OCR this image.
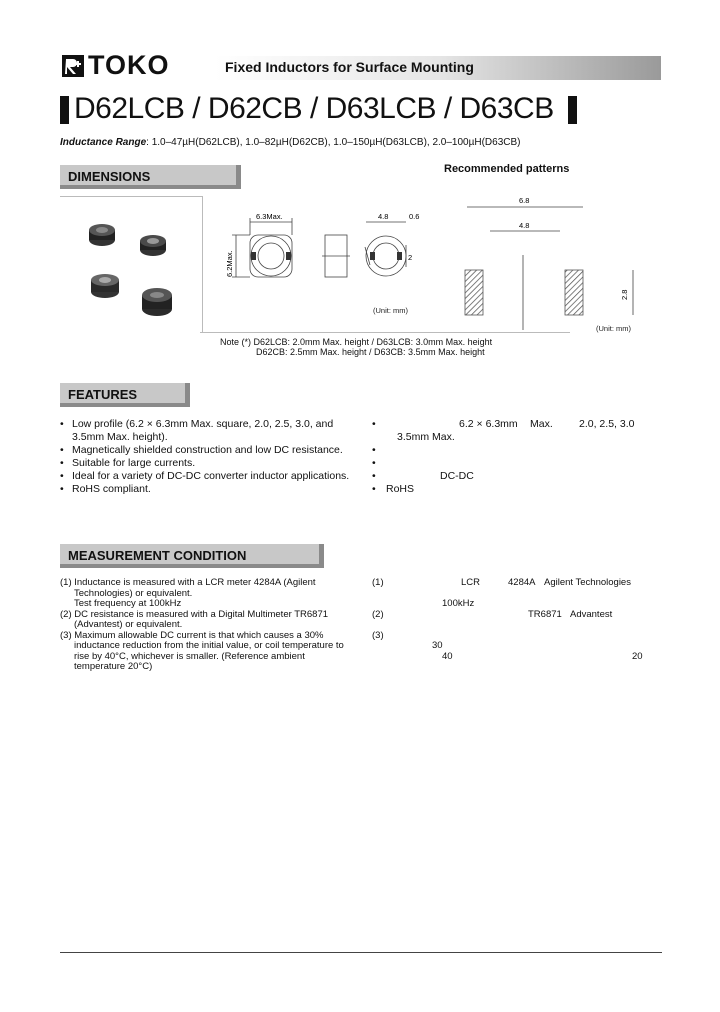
TOKO	Fixed Inductors for Surface Mounting
D62LCB / D62CB / D63LCB / D63CB
Inductance Range: 1.0–47µH(D62LCB), 1.0–82µH(D62CB), 1.0–150µH(D63LCB), 2.0–100µH(D63CB)
DIMENSIONS	Recommended patterns
6.3Max.
6.2Max.
4.8	0.6
2
(Unit: mm)
6.8
4.8
2.8
(Unit: mm)
Note (*) D62LCB: 2.0mm Max. height / D63LCB: 3.0mm Max. height
D62CB: 2.5mm Max. height / D63CB: 3.5mm Max. height
FEATURES
• Low profile (6.2 × 6.3mm Max. square, 2.0, 2.5, 3.0, and
3.5mm Max. height).
• Magnetically shielded construction and low DC resistance.
• Suitable for large currents.
• Ideal for a variety of DC-DC converter inductor applications.
• RoHS compliant.
•	6.2 × 6.3mm Max. 2.0, 2.5, 3.0
3.5mm Max.
•
•
•	DC-DC
• RoHS
MEASUREMENT CONDITION
(1) Inductance is measured with a LCR meter 4284A (Agilent
Technologies) or equivalent.
Test frequency at 100kHz
(2) DC resistance is measured with a Digital Multimeter TR6871
(Advantest) or equivalent.
(3) Maximum allowable DC current is that which causes a 30%
inductance reduction from the initial value, or coil temperature to
rise by 40°C, whichever is smaller. (Reference ambient
temperature 20°C)
(1)	LCR	4284A Agilent Technologies
100kHz
(2)	TR6871 Advantest
(3)
30
40	20
